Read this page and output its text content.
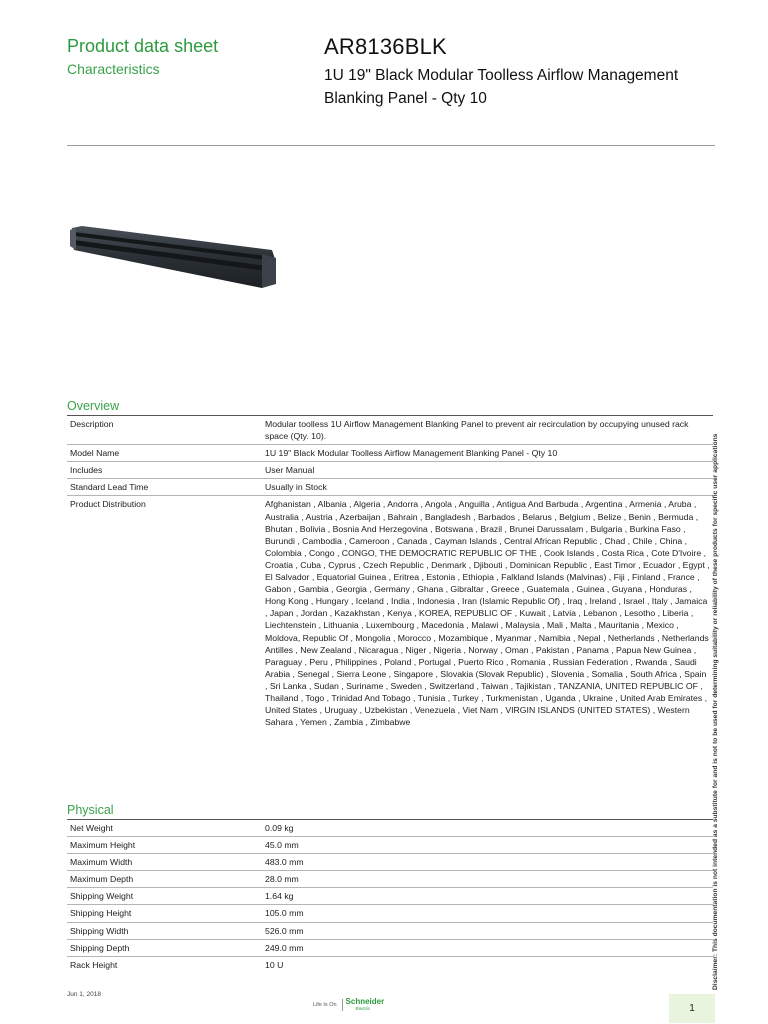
Product data sheet
Characteristics
AR8136BLK
1U 19" Black Modular Toolless Airflow Management Blanking Panel - Qty 10
Overview
Description	Modular toolless 1U Airflow Management Blanking Panel to prevent air recirculation by occupying unused rack space (Qty. 10).
Model Name	1U 19" Black Modular Toolless Airflow Management Blanking Panel - Qty 10
Includes	User Manual
Standard Lead Time	Usually in Stock
Product Distribution	Afghanistan , Albania , Algeria , Andorra , Angola , Anguilla , Antigua And Barbuda , Argentina , Armenia , Aruba , Australia , Austria , Azerbaijan , Bahrain , Bangladesh , Barbados , Belarus , Belgium , Belize , Benin , Bermuda , Bhutan , Bolivia , Bosnia And Herzegovina , Botswana , Brazil , Brunei Darussalam , Bulgaria , Burkina Faso , Burundi , Cambodia , Cameroon , Canada , Cayman Islands , Central African Republic , Chad , Chile , China , Colombia , Congo , CONGO, THE DEMOCRATIC REPUBLIC OF THE , Cook Islands , Costa Rica , Cote D'Ivoire , Croatia , Cuba , Cyprus , Czech Republic , Denmark , Djibouti , Dominican Republic , East Timor , Ecuador , Egypt , El Salvador , Equatorial Guinea , Eritrea , Estonia , Ethiopia , Falkland Islands (Malvinas) , Fiji , Finland , France , Gabon , Gambia , Georgia , Germany , Ghana , Gibraltar , Greece , Guatemala , Guinea , Guyana , Honduras , Hong Kong , Hungary , Iceland , India , Indonesia , Iran (Islamic Republic Of) , Iraq , Ireland , Israel , Italy , Jamaica , Japan , Jordan , Kazakhstan , Kenya , KOREA, REPUBLIC OF , Kuwait , Latvia , Lebanon , Lesotho , Liberia , Liechtenstein , Lithuania , Luxembourg , Macedonia , Malawi , Malaysia , Mali , Malta , Mauritania , Mexico , Moldova, Republic Of , Mongolia , Morocco , Mozambique , Myanmar , Namibia , Nepal , Netherlands , Netherlands Antilles , New Zealand , Nicaragua , Niger , Nigeria , Norway , Oman , Pakistan , Panama , Papua New Guinea , Paraguay , Peru , Philippines , Poland , Portugal , Puerto Rico , Romania , Russian Federation , Rwanda , Saudi Arabia , Senegal , Sierra Leone , Singapore , Slovakia (Slovak Republic) , Slovenia , Somalia , South Africa , Spain , Sri Lanka , Sudan , Suriname , Sweden , Switzerland , Taiwan , Tajikistan , TANZANIA, UNITED REPUBLIC OF , Thailand , Togo , Trinidad And Tobago , Tunisia , Turkey , Turkmenistan , Uganda , Ukraine , United Arab Emirates , United States , Uruguay , Uzbekistan , Venezuela , Viet Nam , VIRGIN ISLANDS (UNITED STATES) , Western Sahara , Yemen , Zambia , Zimbabwe
Physical
Net Weight	0.09 kg
Maximum Height	45.0 mm
Maximum Width	483.0 mm
Maximum Depth	28.0 mm
Shipping Weight	1.64 kg
Shipping Height	105.0 mm
Shipping Width	526.0 mm
Shipping Depth	249.0 mm
Rack Height	10 U	Disclaimer: This documentation is not intended as a substitute for and is not to be used for determining suitability or reliability of these products for specific user applications
Jun 1, 2018
Life Is On Schneider
Electric	1
